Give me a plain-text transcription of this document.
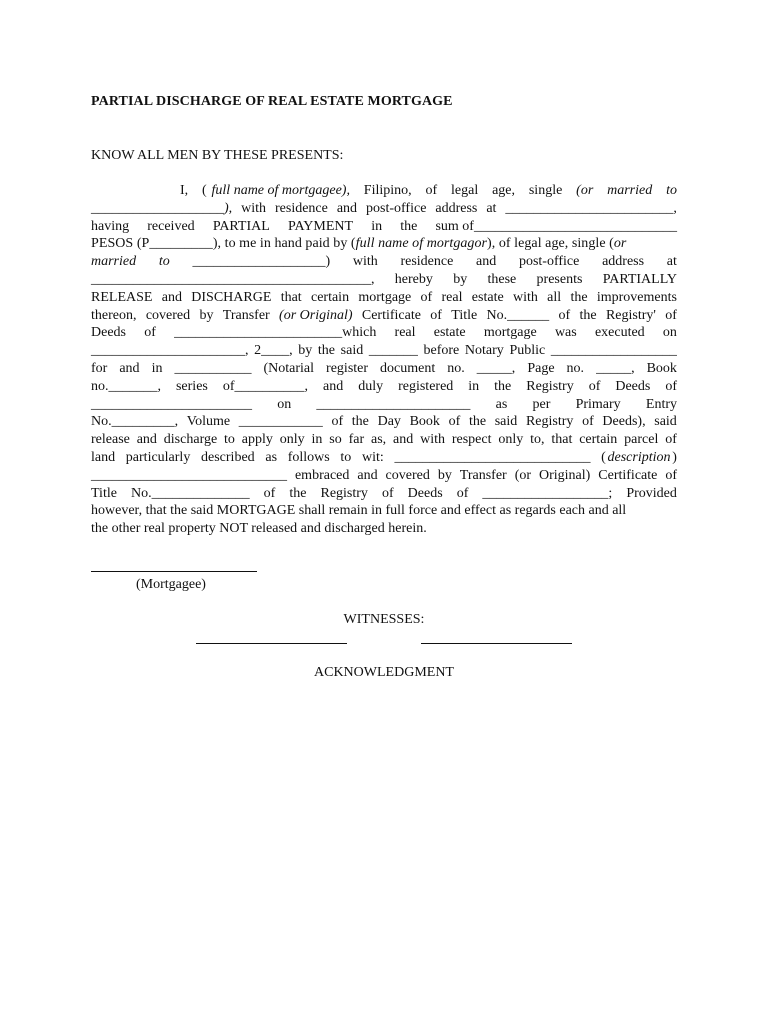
PARTIAL DISCHARGE OF REAL ESTATE MORTGAGE
KNOW ALL MEN BY THESE PRESENTS:
I, ( full name of mortgagee), Filipino, of legal age, single (or married to
___________________), with residence and post-office address at ________________________,
having received PARTIAL PAYMENT in the sum of_____________________________
PESOS (P_________), to me in hand paid by ( full name of mortgagor ), of legal age, single ( or
married to ___________________) with residence and post-office address at
________________________________________, hereby by these presents PARTIALLY
RELEASE and DISCHARGE that certain mortgage of real estate with all the improvements
thereon, covered by Transfer (or Original) Certificate of Title No.______ of the Registry' of
Deeds of ________________________which real estate mortgage was executed on
______________________, 2____, by the said _______ before Notary Public __________________
for and in ___________ (Notarial register document no. _____, Page no. _____, Book
no._______, series of__________, and duly registered in the Registry of Deeds of
_______________________ on ______________________ as per Primary Entry
No._________, Volume ____________ of the Day Book of the said Registry of Deeds), said
release and discharge to apply only in so far as, and with respect only to, that certain parcel of
land particularly described as follows to wit: ____________________________ ( description )
____________________________ embraced and covered by Transfer (or Original) Certificate of
Title No.______________ of the Registry of Deeds of __________________; Provided
however, that the said MORTGAGE shall remain in full force and effect as regards each and all
the other real property NOT released and discharged herein.
(Mortgagee)
WITNESSES:
ACKNOWLEDGMENT
